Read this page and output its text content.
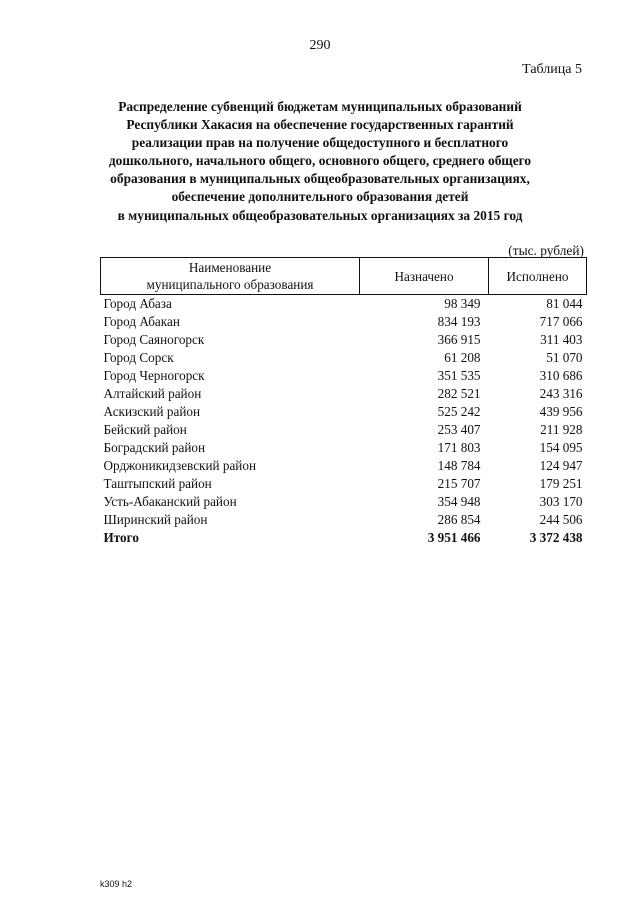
290
Таблица 5
Распределение субвенций бюджетам муниципальных образований
Республики Хакасия на обеспечение государственных гарантий
реализации прав на получение общедоступного и бесплатного
дошкольного, начального общего, основного общего, среднего общего
образования в муниципальных общеобразовательных организациях,
обеспечение дополнительного образования детей
в муниципальных общеобразовательных организациях за 2015 год
(тыс. рублей)
Наименование
муниципального образования	Назначено	Исполнено
Город Абаза	98 349	81 044
Город Абакан	834 193	717 066
Город Саяногорск	366 915	311 403
Город Сорск	61 208	51 070
Город Черногорск	351 535	310 686
Алтайский район	282 521	243 316
Аскизский район	525 242	439 956
Бейский район	253 407	211 928
Боградский район	171 803	154 095
Орджоникидзевский район	148 784	124 947
Таштыпский район	215 707	179 251
Усть-Абаканский район	354 948	303 170
Ширинский район	286 854	244 506
Итого	3 951 466	3 372 438
k309 h2
